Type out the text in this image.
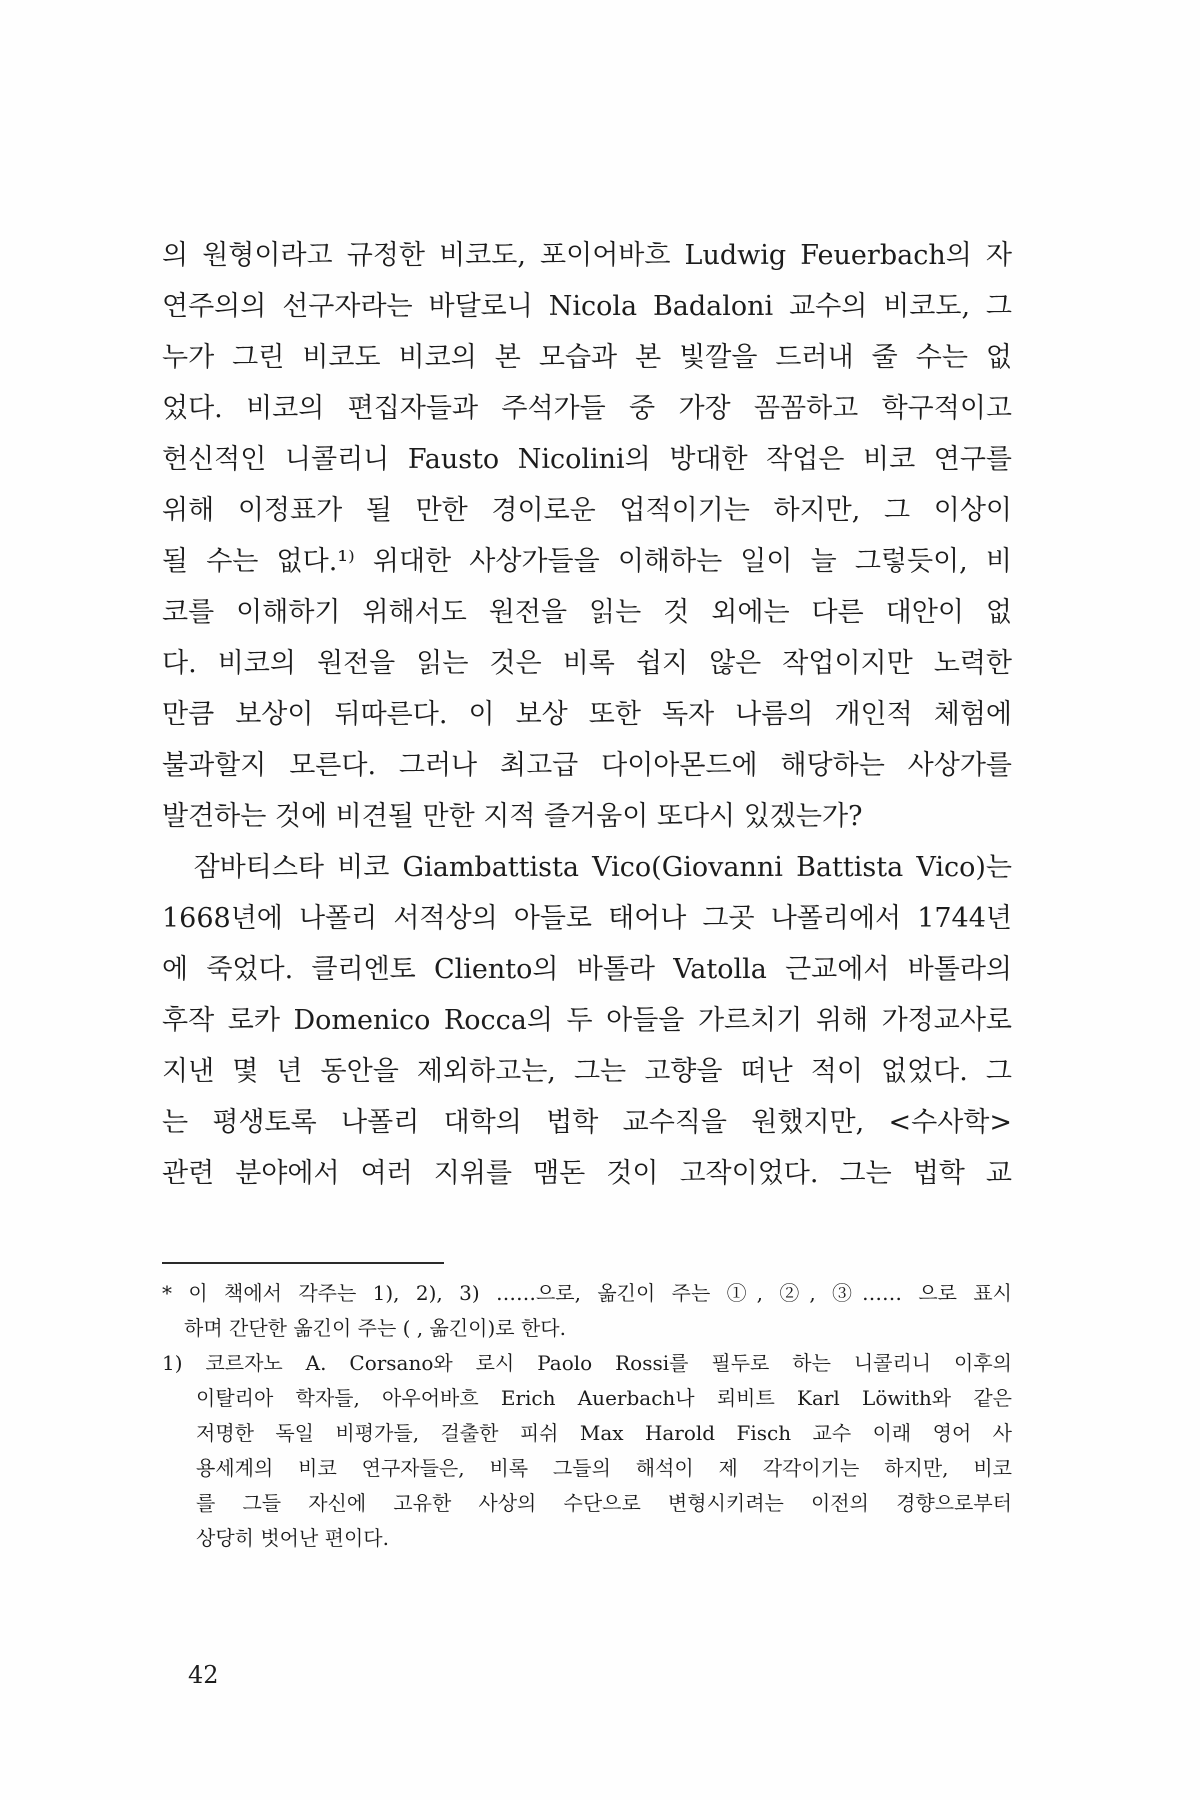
의 원형이라고 규정한 비코도, 포이어바흐 Ludwig Feuerbach의 자
연주의의 선구자라는 바달로니 Nicola Badaloni 교수의 비코도, 그
누가 그린 비코도 비코의 본 모습과 본 빛깔을 드러내 줄 수는 없
었다. 비코의 편집자들과 주석가들 중 가장 꼼꼼하고 학구적이고
헌신적인 니콜리니 Fausto Nicolini의 방대한 작업은 비코 연구를
위해 이정표가 될 만한 경이로운 업적이기는 하지만, 그 이상이
될 수는 없다.¹⁾ 위대한 사상가들을 이해하는 일이 늘 그렇듯이, 비
코를 이해하기 위해서도 원전을 읽는 것 외에는 다른 대안이 없
다. 비코의 원전을 읽는 것은 비록 쉽지 않은 작업이지만 노력한
만큼 보상이 뒤따른다. 이 보상 또한 독자 나름의 개인적 체험에
불과할지 모른다. 그러나 최고급 다이아몬드에 해당하는 사상가를
발견하는 것에 비견될 만한 지적 즐거움이 또다시 있겠는가?
　잠바티스타 비코 Giambattista Vico(Giovanni Battista Vico)는
1668년에 나폴리 서적상의 아들로 태어나 그곳 나폴리에서 1744년
에 죽었다. 클리엔토 Cliento의 바톨라 Vatolla 근교에서 바톨라의
후작 로카 Domenico Rocca의 두 아들을 가르치기 위해 가정교사로
지낸 몇 년 동안을 제외하고는, 그는 고향을 떠난 적이 없었다. 그
는 평생토록 나폴리 대학의 법학 교수직을 원했지만, <수사학>
관련 분야에서 여러 지위를 맴돈 것이 고작이었다. 그는 법학 교
* 이 책에서 각주는 1), 2), 3) ……으로, 옮긴이 주는 ①, ②, ③…… 으로 표시
하며 간단한 옮긴이 주는 ( , 옮긴이)로 한다.
1) 코르자노 A. Corsano와 로시 Paolo Rossi를 필두로 하는 니콜리니 이후의
이탈리아 학자들, 아우어바흐 Erich Auerbach나 뢰비트 Karl Löwith와 같은
저명한 독일 비평가들, 걸출한 피쉬 Max Harold Fisch 교수 이래 영어 사
용세계의 비코 연구자들은, 비록 그들의 해석이 제 각각이기는 하지만, 비코
를 그들 자신에 고유한 사상의 수단으로 변형시키려는 이전의 경향으로부터
상당히 벗어난 편이다.
42
